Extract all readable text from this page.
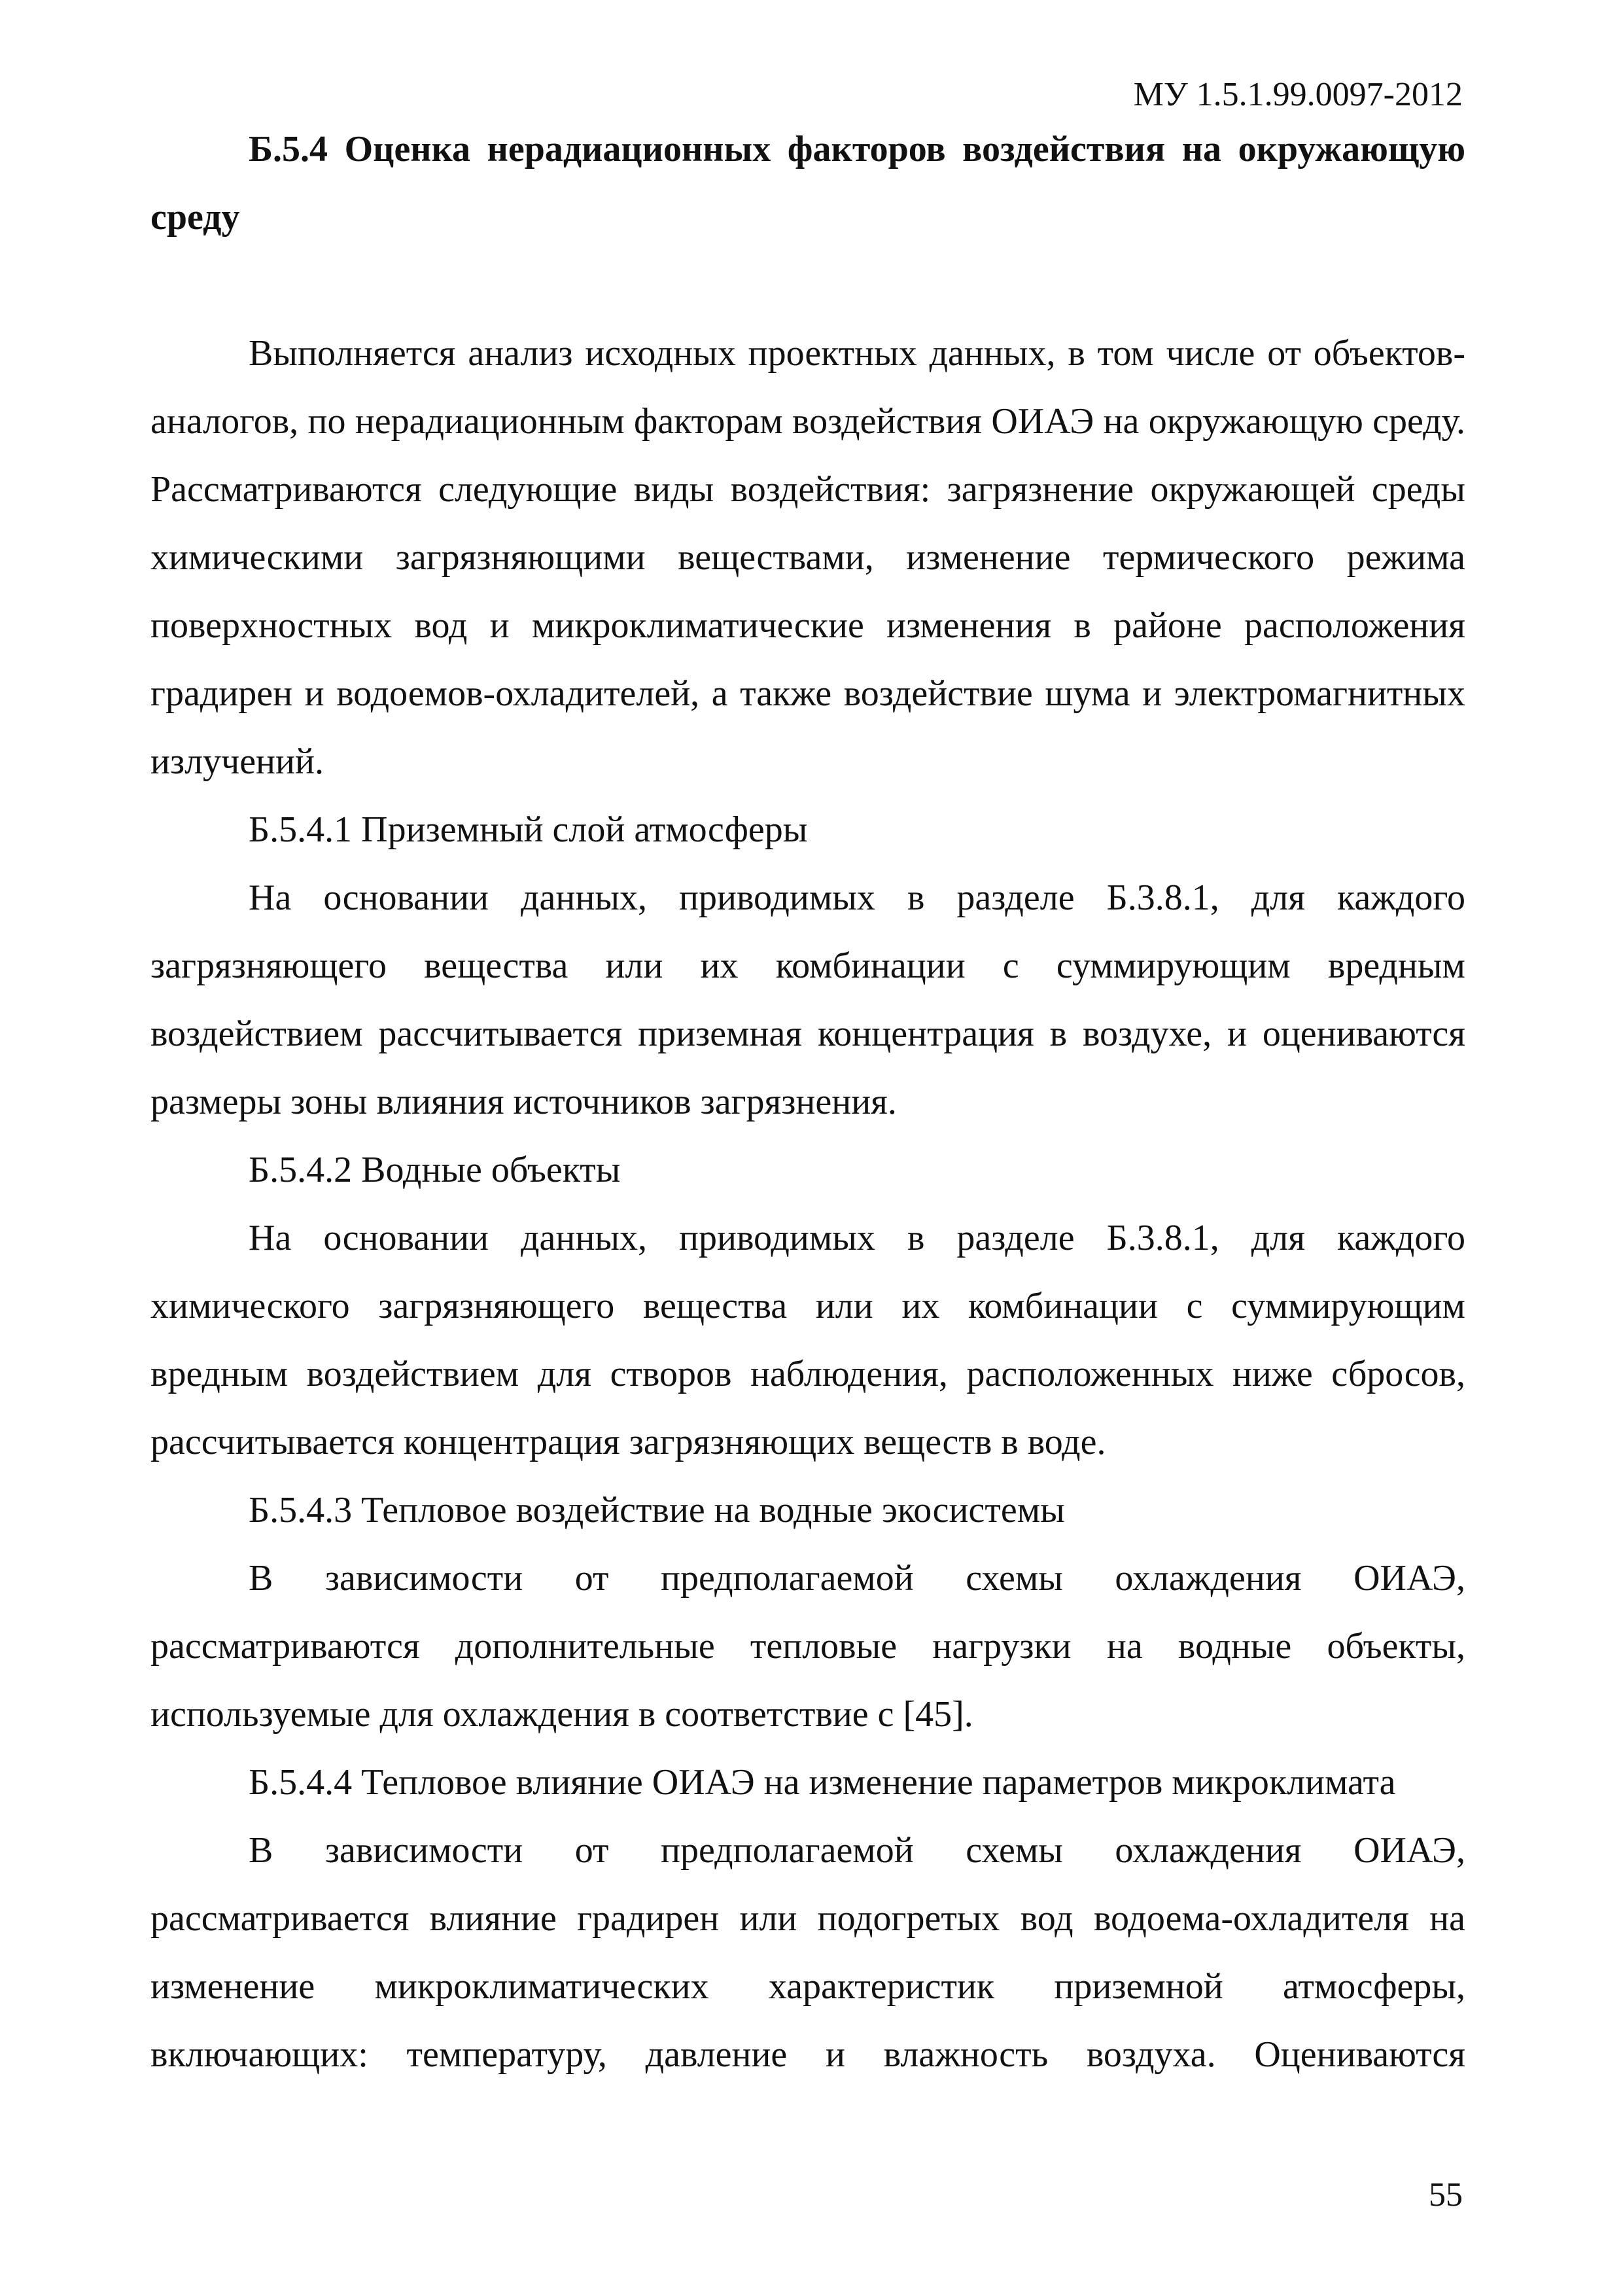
МУ 1.5.1.99.0097-2012

Б.5.4 Оценка нерадиационных факторов воздействия на окружающую среду

Выполняется анализ исходных проектных данных, в том числе от объектов-аналогов, по нерадиационным факторам воздействия ОИАЭ на окружающую среду. Рассматриваются следующие виды воздействия: загрязнение окружающей среды химическими загрязняющими веществами, изменение термического режима поверхностных вод и микроклиматические изменения в районе расположения градирен и водоемов-охладителей, а также воздействие шума и электромагнитных излучений.

Б.5.4.1 Приземный слой атмосферы

На основании данных, приводимых в разделе Б.3.8.1, для каждого загрязняющего вещества или их комбинации с суммирующим вредным воздействием рассчитывается приземная концентрация в воздухе, и оцениваются размеры зоны влияния источников загрязнения.

Б.5.4.2 Водные объекты

На основании данных, приводимых в разделе Б.3.8.1, для каждого химического загрязняющего вещества или их комбинации с суммирующим вредным воздействием для створов наблюдения, расположенных ниже сбросов, рассчитывается концентрация загрязняющих веществ в воде.

Б.5.4.3 Тепловое воздействие на водные экосистемы

В зависимости от предполагаемой схемы охлаждения ОИАЭ, рассматриваются дополнительные тепловые нагрузки на водные объекты, используемые для охлаждения в соответствие с [45].

Б.5.4.4 Тепловое влияние ОИАЭ на изменение параметров микроклимата

В зависимости от предполагаемой схемы охлаждения ОИАЭ, рассматривается влияние градирен или подогретых вод водоема-охладителя на изменение микроклиматических характеристик приземной атмосферы, включающих: температуру, давление и влажность воздуха. Оцениваются

55
